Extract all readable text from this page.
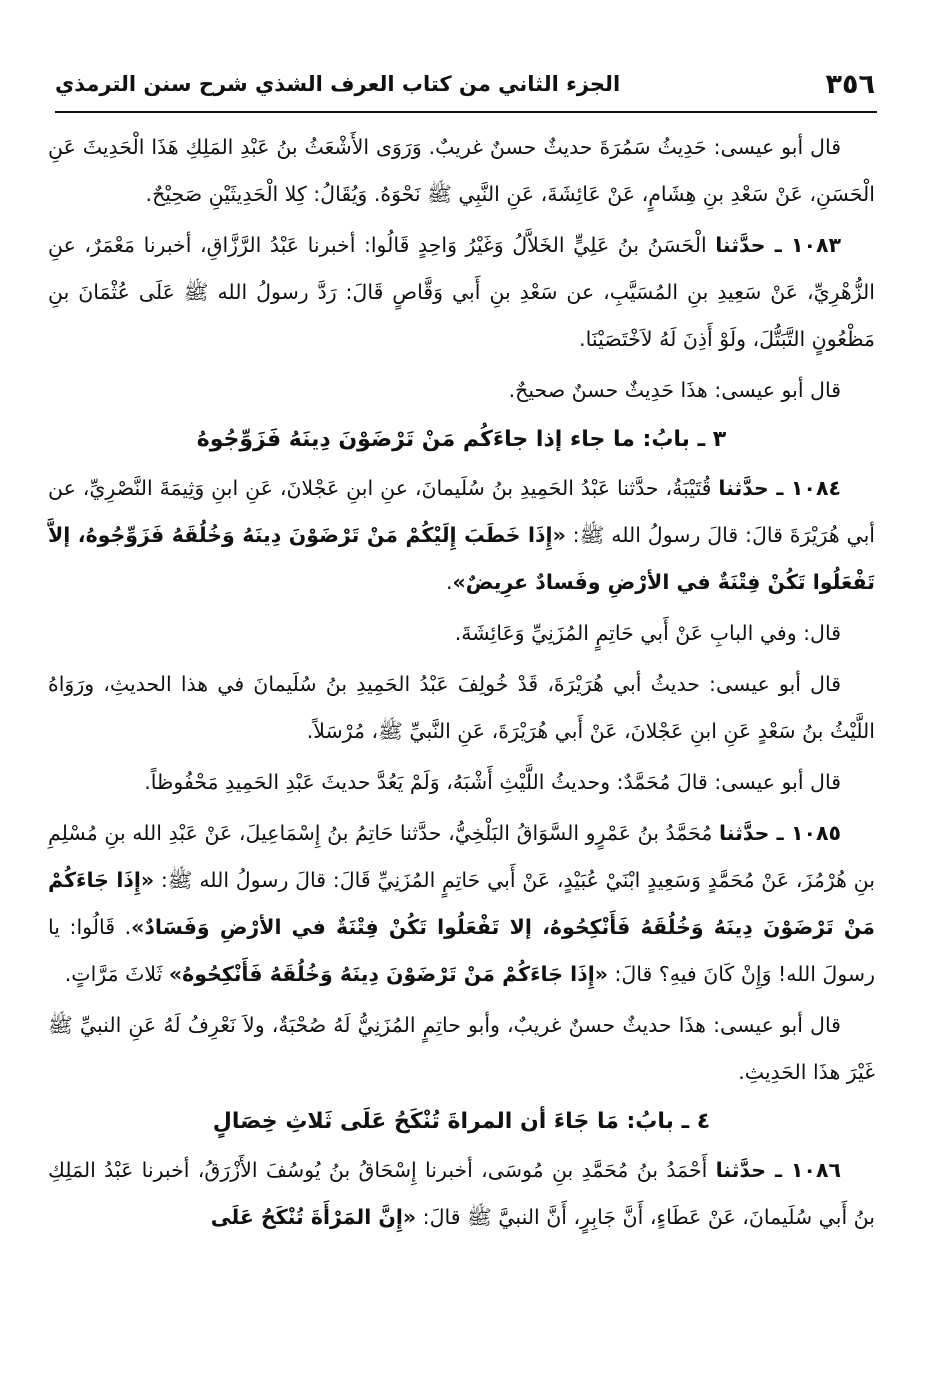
٣٥٦
الجزء الثاني من كتاب العرف الشذي شرح سنن الترمذي

قال أبو عيسى: حَدِيثُ سَمُرَةَ حديثٌ حسنٌ غريبٌ. وَرَوَى الأَشْعَثُ بنُ عَبْدِ المَلِكِ هَذَا الْحَدِيثَ عَنِ الْحَسَنِ، عَنْ سَعْدِ بنِ هِشَامٍ، عَنْ عَائِشَةَ، عَنِ النَّبِي ﷺ نَحْوَهُ. وَيُقَالُ: كِلا الْحَدِيثَيْنِ صَحِيْحٌ.

١٠٨٣ ـ حدَّثنا الْحَسَنُ بنُ عَلِيٍّ الخَلاَّلُ وَغَيْرُ وَاحِدٍ قَالُوا: أخبرنا عَبْدُ الرَّزَّاقِ، أخبرنا مَعْمَرٌ، عنِ الزُّهْرِيِّ، عَنْ سَعِيدِ بنِ المُسَيَّبِ، عن سَعْدِ بنِ أَبي وَقَّاصٍ قَالَ: رَدَّ رسولُ الله ﷺ عَلَى عُثْمَانَ بنِ مَظْعُونٍ التَّبَتُّلَ، ولَوْ أَذِنَ لَهُ لاَخْتَصَيْنَا.

قال أبو عيسى: هذَا حَدِيثٌ حسنٌ صحيحٌ.

٣ ـ بابُ: ما جاء إذا جاءَكُم مَنْ تَرْضَوْنَ دِينَهُ فَزَوِّجُوهُ

١٠٨٤ ـ حدَّثنا قُتَيْبَةُ، حدَّثنا عَبْدُ الحَمِيدِ بنُ سُلَيمانَ، عنِ ابنِ عَجْلانَ، عَنِ ابنِ وَثِيمَةَ النَّصْرِيِّ، عن أبي هُرَيْرَةَ قالَ: قالَ رسولُ الله ﷺ: «إِذَا خَطَبَ إِلَيْكُمْ مَنْ تَرْضَوْنَ دِينَهُ وَخُلُقَهُ فَزَوِّجُوهُ، إلاَّ تَفْعَلُوا تَكُنْ فِتْنَةٌ في الأرْضِ وفَسادٌ عرِيضٌ».

قال: وفي البابِ عَنْ أَبي حَاتِمٍ المُزَنِيِّ وَعَائِشَةَ.

قال أبو عيسى: حديثُ أبي هُرَيْرَةَ، قَدْ خُولِفَ عَبْدُ الحَمِيدِ بنُ سُلَيمانَ في هذا الحديثِ، ورَوَاهُ اللَّيْثُ بنُ سَعْدٍ عَنِ ابنِ عَجْلانَ، عَنْ أَبي هُرَيْرَةَ، عَنِ النَّبيِّ ﷺ، مُرْسَلاً.

قال أبو عيسى: قالَ مُحَمَّدٌ: وحديثُ اللَّيْثِ أَشْبَهُ، وَلَمْ يَعُدَّ حديثَ عَبْدِ الحَمِيدِ مَحْفُوظاً.

١٠٨٥ ـ حدَّثنا مُحَمَّدُ بنُ عَمْرٍو السَّوَاقُ البَلْخِيُّ، حدَّثنا حَاتِمُ بنُ إِسْمَاعِيلَ، عَنْ عَبْدِ الله بنِ مُسْلِمِ بنِ هُرْمُزَ، عَنْ مُحَمَّدٍ وَسَعِيدٍ ابْنَيْ عُبَيْدٍ، عَنْ أَبي حَاتِمٍ المُزَنِيِّ قَالَ: قالَ رسولُ الله ﷺ: «إِذَا جَاءَكُمْ مَنْ تَرْضَوْنَ دِينَهُ وَخُلُقَهُ فَأَنْكِحُوهُ، إلا تَفْعَلُوا تَكُنْ فِتْنَةٌ في الأرْضِ وَفَسَادٌ». قَالُوا: يا رسولَ الله! وَإِنْ كَانَ فيهِ؟ قالَ: «إِذَا جَاءَكُمْ مَنْ تَرْضَوْنَ دِينَهُ وَخُلُقَهُ فَأَنْكِحُوهُ» ثَلاثَ مَرَّاتٍ.

قال أبو عيسى: هذَا حديثٌ حسنٌ غريبٌ، وأبو حاتِمٍ المُزَنِيُّ لَهُ صُحْبَةٌ، ولاَ نَعْرِفُ لَهُ عَنِ النبيِّ ﷺ غَيْرَ هذَا الحَدِيثِ.

٤ ـ بابُ: مَا جَاءَ أن المراةَ تُنْكَحُ عَلَى ثَلاثِ خِصَالٍ

١٠٨٦ ـ حدَّثنا أَحْمَدُ بنُ مُحَمَّدِ بنِ مُوسَى، أخبرنا إِسْحَاقُ بنُ يُوسُفَ الأَزْرَقُ، أخبرنا عَبْدُ المَلِكِ بنُ أَبي سُلَيمانَ، عَنْ عَطَاءٍ، أَنَّ جَابِرٍ، أَنَّ النبيَّ ﷺ قالَ: «إِنَّ المَرْأَةَ تُنْكَحُ عَلَى
